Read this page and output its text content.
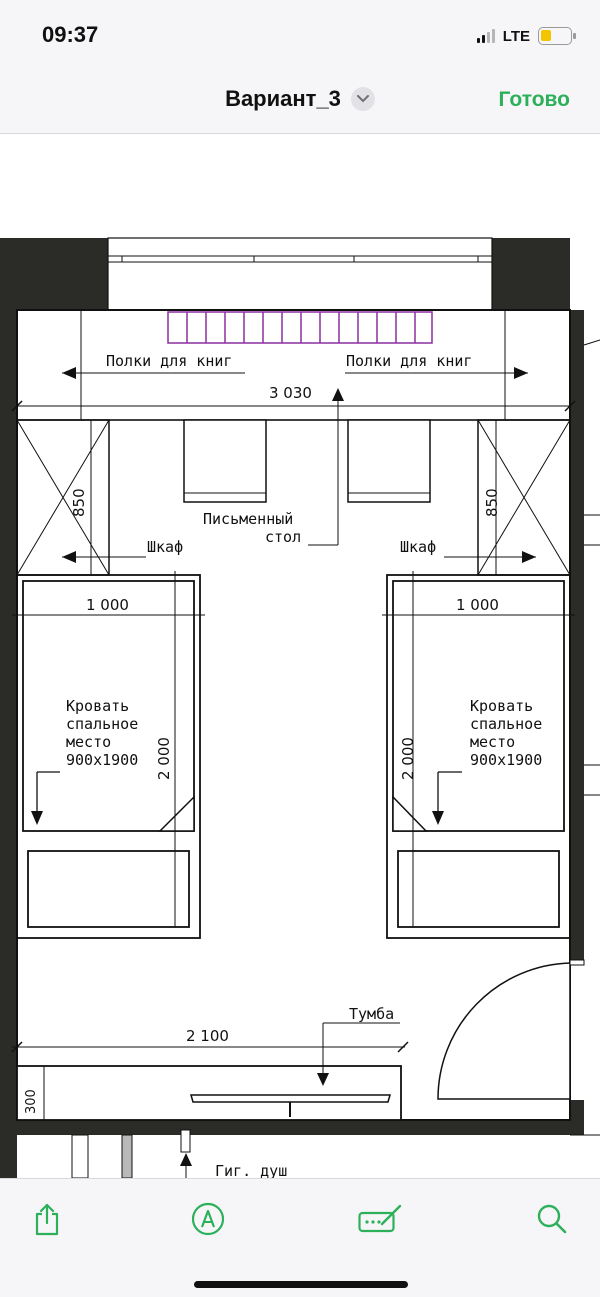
09:37	LTE
Вариант_3	Готово
Полки для книг	Полки для книг
3 030
Письменный
стол
Шкаф	Шкаф
850	850
1 000	1 000
2 000	2 000
Кровать
спальное
место
900х1900
Кровать
спальное
место
900х1900
Тумба
2 100
300
Гиг. душ
